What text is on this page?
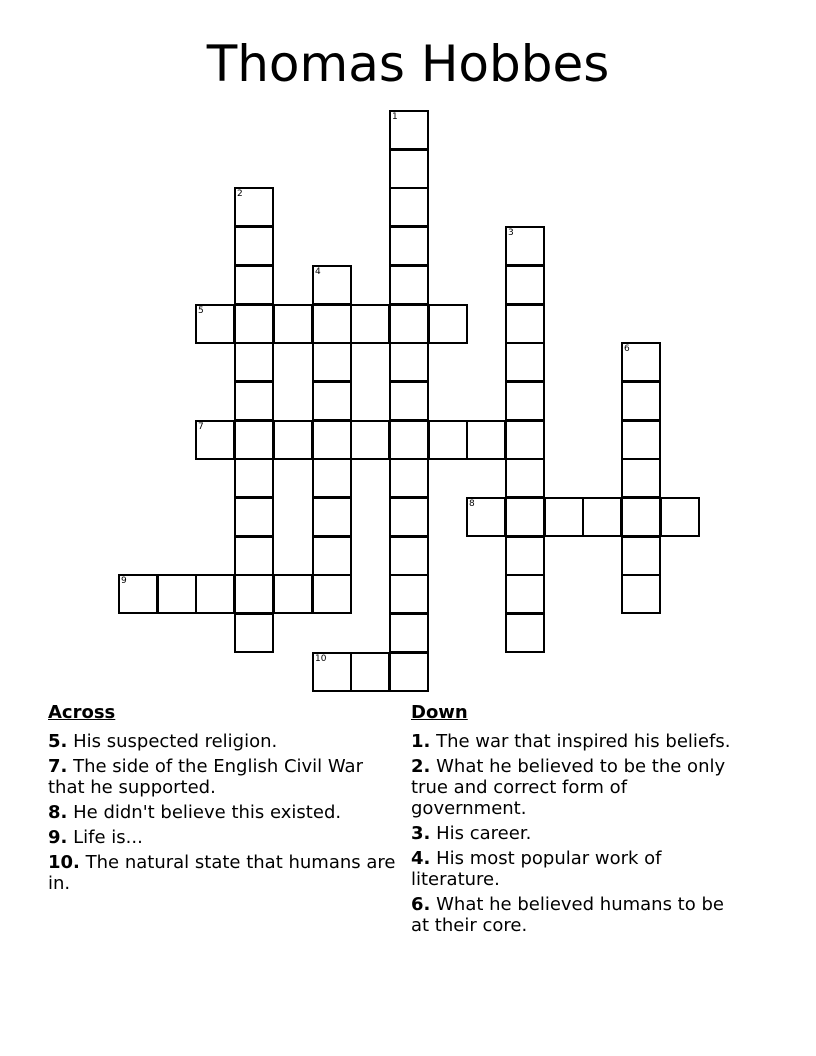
Thomas Hobbes
1
2
3
4
5
6
7
8
9
10
Across
5. His suspected religion.
7. The side of the English Civil War that he supported.
8. He didn't believe this existed.
9. Life is...
10. The natural state that humans are in.
Down
1. The war that inspired his beliefs.
2. What he believed to be the only true and correct form of government.
3. His career.
4. His most popular work of literature.
6. What he believed humans to be at their core.
